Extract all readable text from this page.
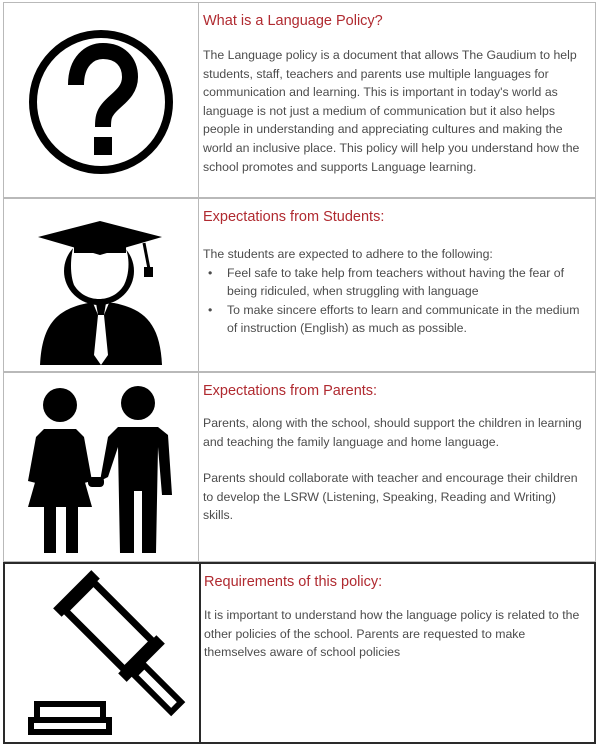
What is a Language Policy?

The Language policy is a document that allows The Gaudium to help students, staff, teachers and parents use multiple languages for communication and learning. This is important in today's world as language is not just a medium of communication but it also helps people in understanding and appreciating cultures and making the world an inclusive place. This policy will help you understand how the school promotes and supports Language learning.

Expectations from Students:

The students are expected to adhere to the following:

• Feel safe to take help from teachers without having the fear of being ridiculed, when struggling with language
• To make sincere efforts to learn and communicate in the medium of instruction (English) as much as possible.
Expectations from Parents:

Parents, along with the school, should support the children in learning and teaching the family language and home language.

Parents should collaborate with teacher and encourage their children to develop the LSRW (Listening, Speaking, Reading and Writing) skills.

Requirements of this policy:

It is important to understand how the language policy is related to the other policies of the school. Parents are requested to make themselves aware of school policies
